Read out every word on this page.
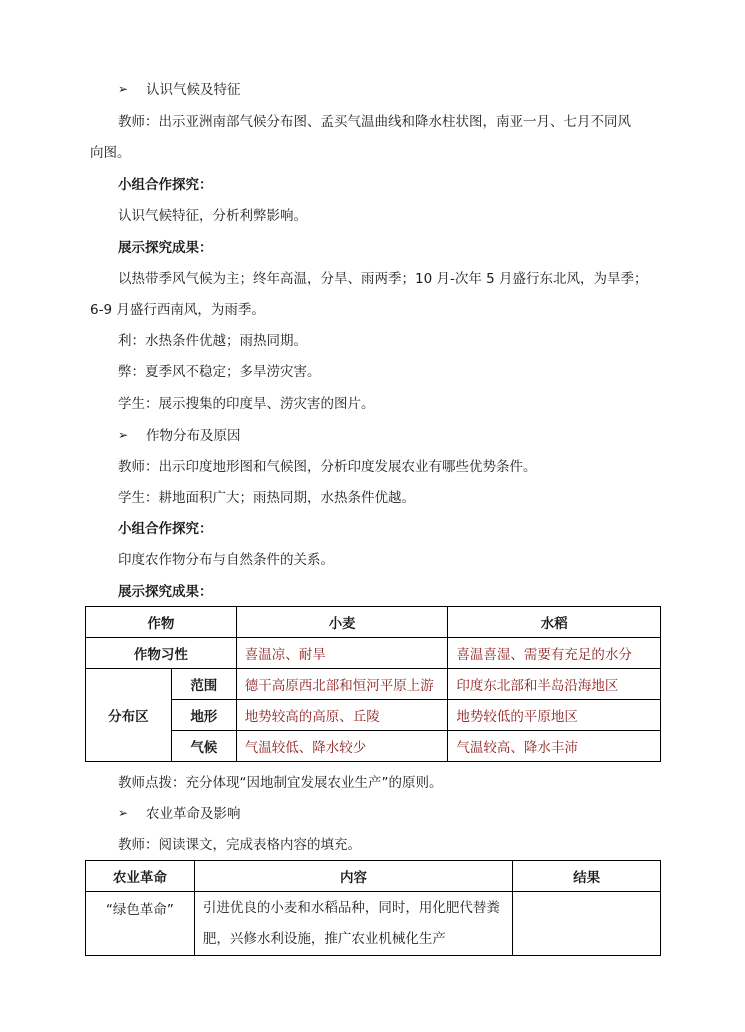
➢ 认识气候及特征
教师：出示亚洲南部气候分布图、孟买气温曲线和降水柱状图，南亚一月、七月不同风
向图。
小组合作探究：
认识气候特征，分析利弊影响。
展示探究成果：
以热带季风气候为主；终年高温，分旱、雨两季；10 月-次年 5 月盛行东北风，为旱季；
6-9 月盛行西南风，为雨季。
利：水热条件优越；雨热同期。
弊：夏季风不稳定；多旱涝灾害。
学生：展示搜集的印度旱、涝灾害的图片。
➢ 作物分布及原因
教师：出示印度地形图和气候图，分析印度发展农业有哪些优势条件。
学生：耕地面积广大；雨热同期，水热条件优越。
小组合作探究：
印度农作物分布与自然条件的关系。
展示探究成果：
作物		小麦	水稻
作物习性		喜温凉、耐旱	喜温喜湿、需要有充足的水分
分布区	范围	德干高原西北部和恒河平原上游	印度东北部和半岛沿海地区
	地形	地势较高的高原、丘陵	地势较低的平原地区
	气候	气温较低、降水较少	气温较高、降水丰沛
教师点拨：充分体现“因地制宜发展农业生产”的原则。
➢ 农业革命及影响
教师：阅读课文，完成表格内容的填充。
农业革命	内容	结果
“绿色革命”	引进优良的小麦和水稻品种，同时，用化肥代替粪
肥，兴修水利设施，推广农业机械化生产	
